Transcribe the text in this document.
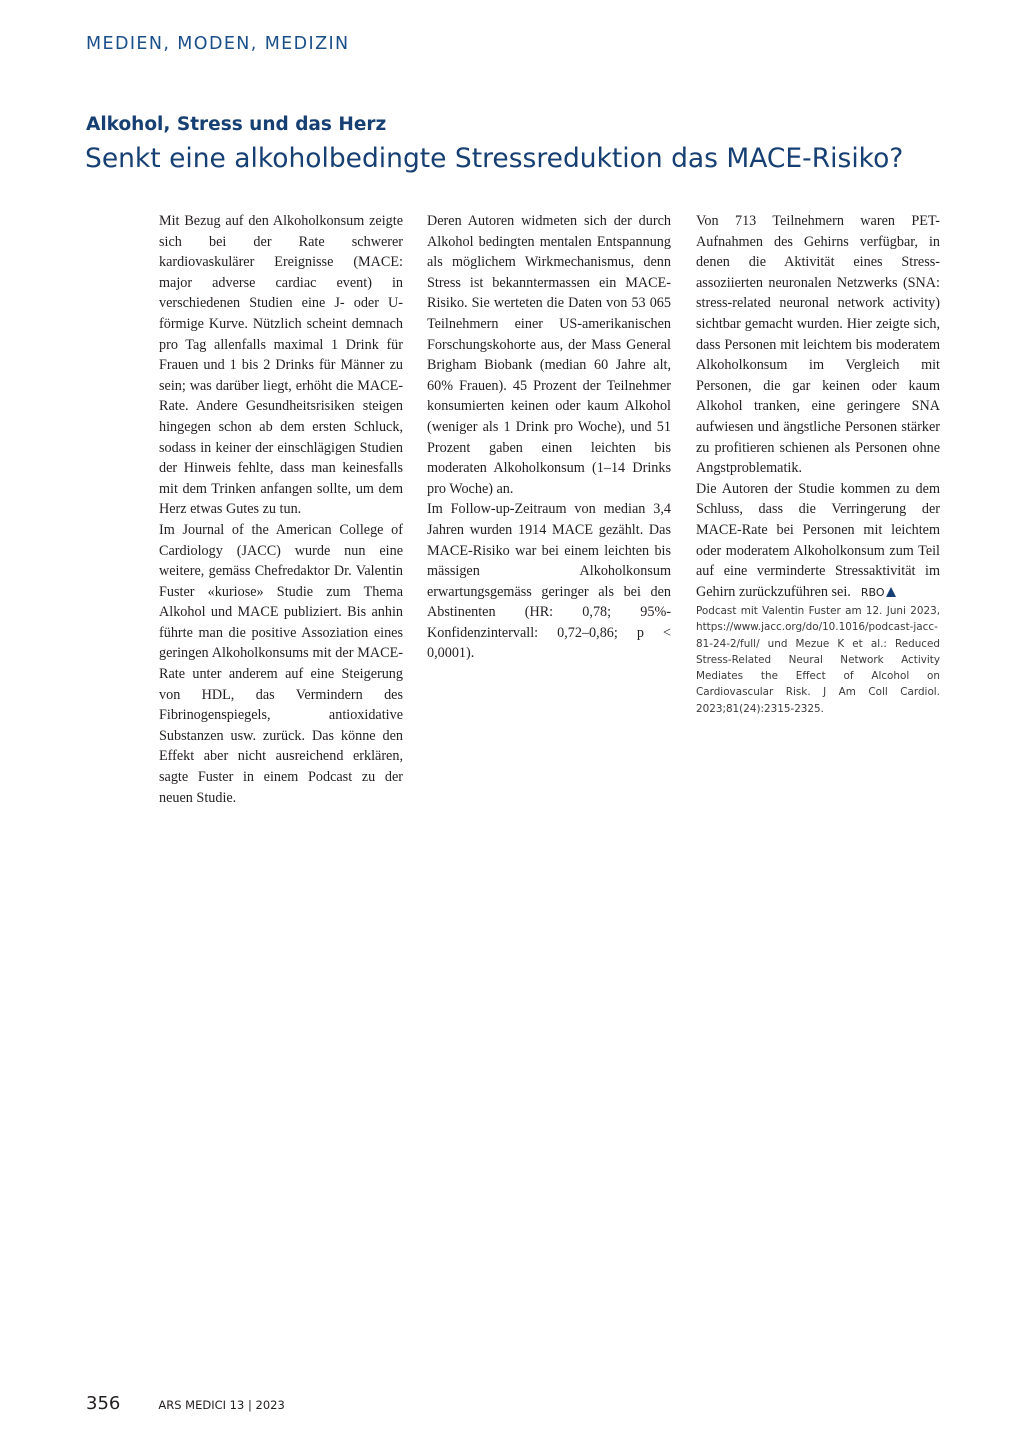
MEDIEN, MODEN, MEDIZIN
Alkohol, Stress und das Herz
Senkt eine alkoholbedingte Stressreduktion das MACE-Risiko?

Mit Bezug auf den Alkoholkonsum zeigte sich bei der Rate schwerer kardiovaskulärer Ereignisse (MACE: major adverse cardiac event) in verschiedenen Studien eine J- oder U-förmige Kurve. Nützlich scheint demnach pro Tag allenfalls maximal 1 Drink für Frauen und 1 bis 2 Drinks für Männer zu sein; was darüber liegt, erhöht die MACE-Rate. Andere Gesundheitsrisiken steigen hingegen schon ab dem ersten Schluck, sodass in keiner der einschlägigen Studien der Hinweis fehlte, dass man keinesfalls mit dem Trinken anfangen sollte, um dem Herz etwas Gutes zu tun.

Im Journal of the American College of Cardiology (JACC) wurde nun eine weitere, gemäss Chefredaktor Dr. Valentin Fuster «kuriose» Studie zum Thema Alkohol und MACE publiziert. Bis anhin führte man die positive Assoziation eines geringen Alkoholkonsums mit der MACE-Rate unter anderem auf eine Steigerung von HDL, das Vermindern des Fibrinogenspiegels, antioxidative Substanzen usw. zurück. Das könne den Effekt aber nicht ausreichend erklären, sagte Fuster in einem Podcast zu der neuen Studie.

Deren Autoren widmeten sich der durch Alkohol bedingten mentalen Entspannung als möglichem Wirkmechanismus, denn Stress ist bekanntermassen ein MACE-Risiko. Sie werteten die Daten von 53 065 Teilnehmern einer US-amerikanischen Forschungskohorte aus, der Mass General Brigham Biobank (median 60 Jahre alt, 60% Frauen). 45 Prozent der Teilnehmer konsumierten keinen oder kaum Alkohol (weniger als 1 Drink pro Woche), und 51 Prozent gaben einen leichten bis moderaten Alkoholkonsum (1–14 Drinks pro Woche) an.

Im Follow-up-Zeitraum von median 3,4 Jahren wurden 1914 MACE gezählt. Das MACE-Risiko war bei einem leichten bis mässigen Alkoholkonsum erwartungsgemäss geringer als bei den Abstinenten (HR: 0,78; 95%-Konfidenzintervall: 0,72–0,86; p < 0,0001).

Von 713 Teilnehmern waren PET-Aufnahmen des Gehirns verfügbar, in denen die Aktivität eines Stress-assoziierten neuronalen Netzwerks (SNA: stress-related neuronal network activity) sichtbar gemacht wurden. Hier zeigte sich, dass Personen mit leichtem bis moderatem Alkoholkonsum im Vergleich mit Personen, die gar keinen oder kaum Alkohol tranken, eine geringere SNA aufwiesen und ängstliche Personen stärker zu profitieren schienen als Personen ohne Angstproblematik.

Die Autoren der Studie kommen zu dem Schluss, dass die Verringerung der MACE-Rate bei Personen mit leichtem oder moderatem Alkoholkonsum zum Teil auf eine verminderte Stressaktivität im Gehirn zurückzuführen sei. RBO

Podcast mit Valentin Fuster am 12. Juni 2023, https://www.jacc.org/do/10.1016/podcast-jacc-81-24-2/full/ und Mezue K et al.: Reduced Stress-Related Neural Network Activity Mediates the Effect of Alcohol on Cardiovascular Risk. J Am Coll Cardiol. 2023;81(24):2315-2325.

356	ARS MEDICI 13 | 2023
